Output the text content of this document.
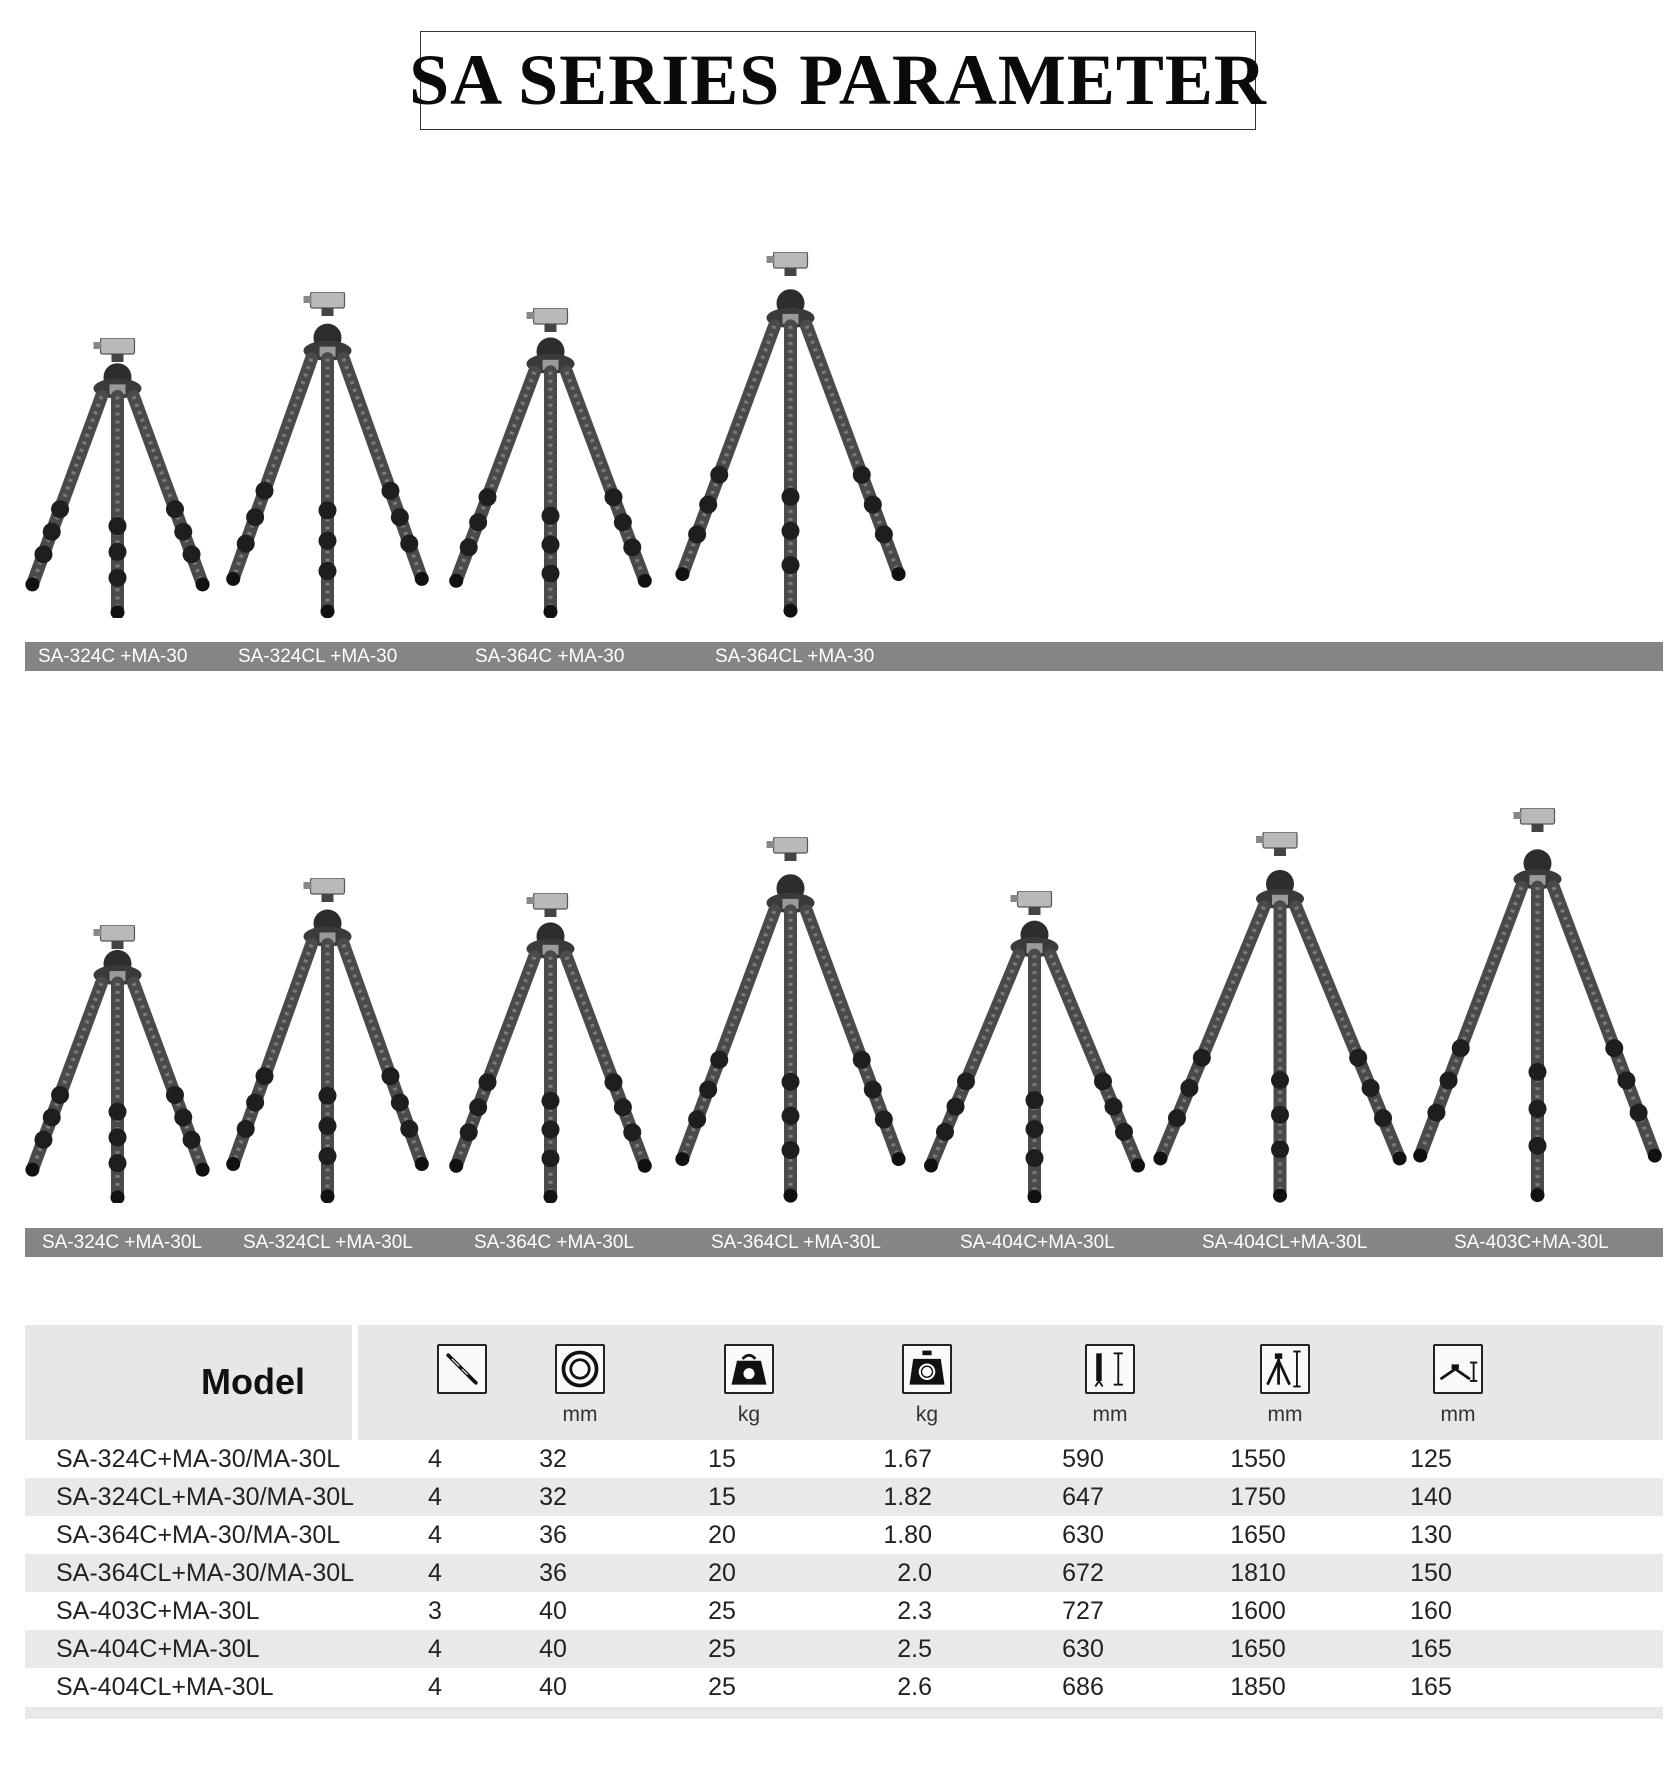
SA SERIES PARAMETER
SA-324C +MA-30	SA-324CL +MA-30	SA-364C +MA-30	SA-364CL +MA-30
SA-324C +MA-30L SA-324CL +MA-30L	SA-364C +MA-30L	SA-364CL +MA-30L	SA-404C+MA-30L	SA-404CL+MA-30L	SA-403C+MA-30L
Model
mm	kg	kg	mm	mm	mm
SA-324C+MA-30/MA-30L	4	32	15	1.67	590	1550	125
SA-324CL+MA-30/MA-30L	4	32	15	1.82	647	1750	140
SA-364C+MA-30/MA-30L	4	36	20	1.80	630	1650	130
SA-364CL+MA-30/MA-30L	4	36	20	2.0	672	1810	150
SA-403C+MA-30L	3	40	25	2.3	727	1600	160
SA-404C+MA-30L	4	40	25	2.5	630	1650	165
SA-404CL+MA-30L	4	40	25	2.6	686	1850	165
